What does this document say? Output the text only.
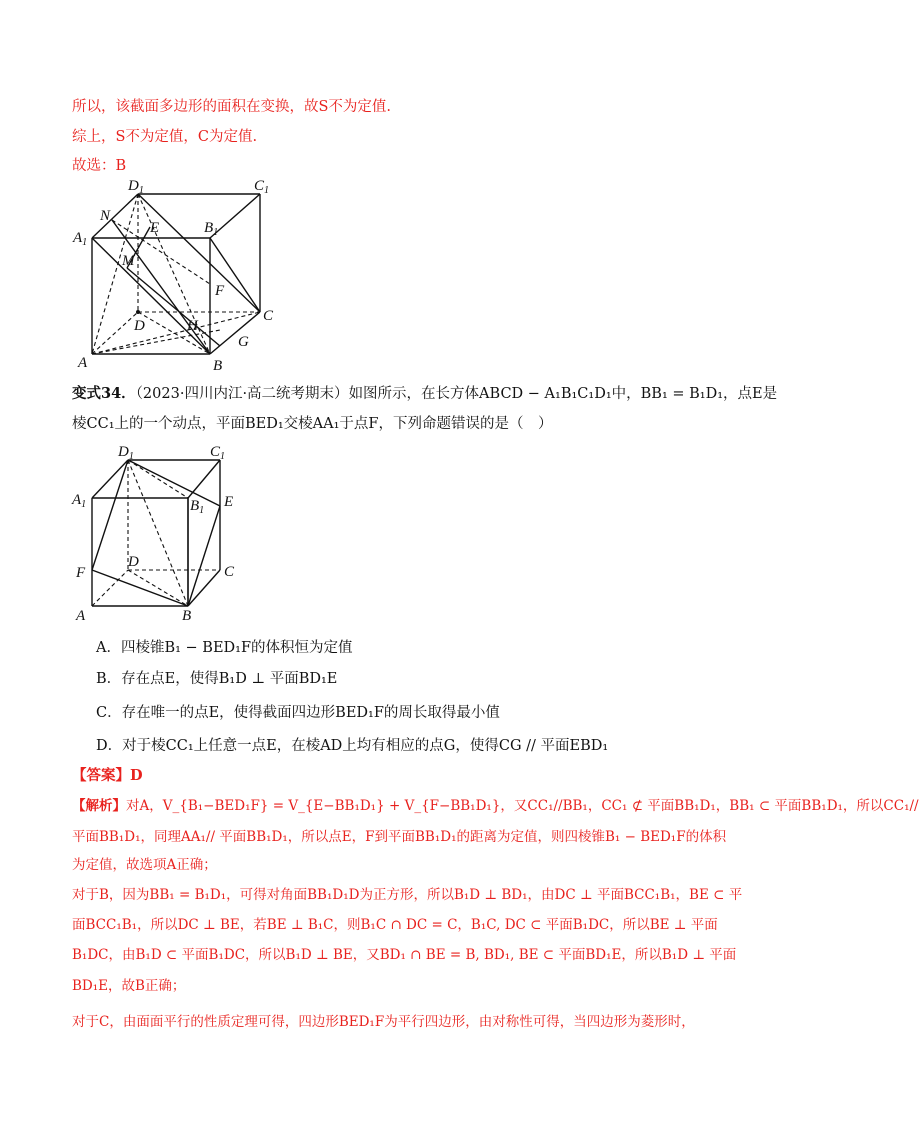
所以，该截面多边形的面积在变换，故S不为定值.
综上，S不为定值，C为定值.
故选：B
$D_1$	$C_1$
N
E	$B_1$
$A_1$
M
F
C
D	H
G
A	B
变式34．（2023·四川内江·高二统考期末）如图所示，在长方体ABCD − A₁B₁C₁D₁中，BB₁ = B₁D₁，点E是
棱CC₁上的一个动点，平面BED₁交棱AA₁于点F，下列命题错误的是（　）
$D_1$	$C_1$
$A_1$	$B_1$
E
D
C
F
A	B
A．四棱锥B₁ − BED₁F的体积恒为定值
B．存在点E，使得B₁D ⊥ 平面BD₁E
C．存在唯一的点E，使得截面四边形BED₁F的周长取得最小值
D．对于棱CC₁上任意一点E，在棱AD上均有相应的点G，使得CG // 平面EBD₁
【答案】D
【解析】对A，V_{B₁−BED₁F} = V_{E−BB₁D₁} + V_{F−BB₁D₁}，又CC₁//BB₁，CC₁ ⊄ 平面BB₁D₁，BB₁ ⊂ 平面BB₁D₁，所以CC₁//
平面BB₁D₁，同理AA₁// 平面BB₁D₁，所以点E，F到平面BB₁D₁的距离为定值，则四棱锥B₁ − BED₁F的体积
为定值，故选项A正确；
对于B，因为BB₁ = B₁D₁，可得对角面BB₁D₁D为正方形，所以B₁D ⊥ BD₁，由DC ⊥ 平面BCC₁B₁，BE ⊂ 平
面BCC₁B₁，所以DC ⊥ BE，若BE ⊥ B₁C，则B₁C ∩ DC = C，B₁C, DC ⊂ 平面B₁DC，所以BE ⊥ 平面
B₁DC，由B₁D ⊂ 平面B₁DC，所以B₁D ⊥ BE，又BD₁ ∩ BE = B, BD₁, BE ⊂ 平面BD₁E，所以B₁D ⊥ 平面
BD₁E，故B正确；
对于C，由面面平行的性质定理可得，四边形BED₁F为平行四边形，由对称性可得，当四边形为菱形时，
